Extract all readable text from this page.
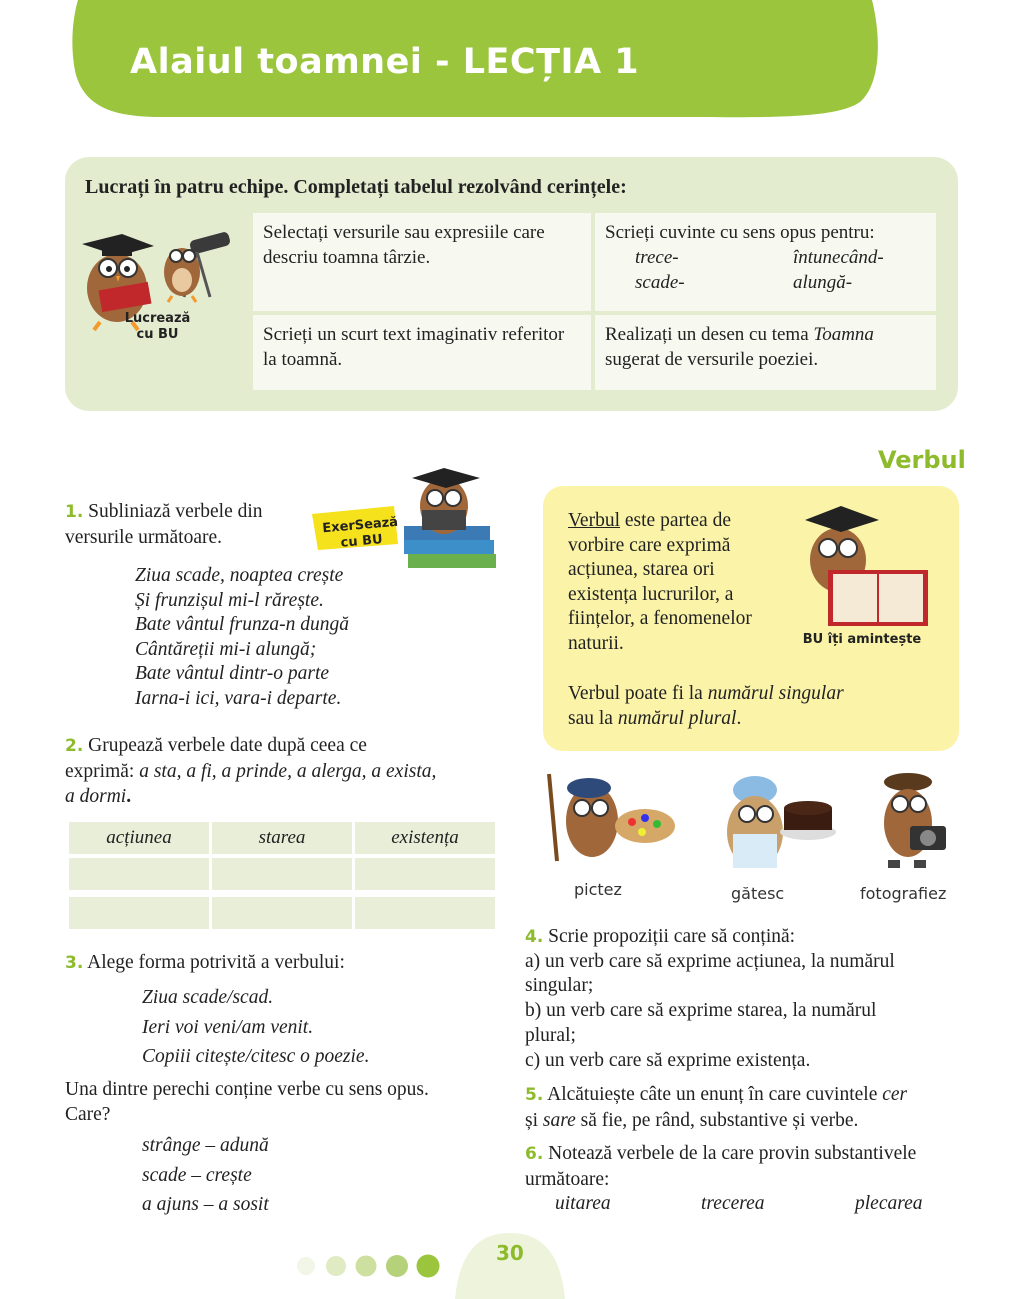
Alaiul toamnei - LECȚIA 1
Lucrați în patru echipe. Completați tabelul rezolvând cerințele:
Lucrează
cu BU
Selectați versurile sau expresiile care descriu toamna târzie.
Scrieți cuvinte cu sens opus pentru:
trece-	întunecând-
scade-	alungă-
Scrieți un scurt text imaginativ referitor la toamnă.
Realizați un desen cu tema Toamna sugerat de versurile poeziei.
Verbul
1. Subliniază verbele din
versurile următoare.
ExerSează
cu BU
Ziua scade, noaptea crește
Și frunzișul mi-l rărește.
Bate vântul frunza-n dungă
Cântăreții mi-i alungă;
Bate vântul dintr-o parte
Iarna-i ici, vara-i departe.
2. Grupează verbele date după ceea ce
exprimă: a sta, a fi, a prinde, a alerga, a exista,
a dormi.
acțiunea	starea	existența
3. Alege forma potrivită a verbului:
Ziua scade/scad.
Ieri voi veni/am venit.
Copiii citește/citesc o poezie.
Una dintre perechi conține verbe cu sens opus.
Care?
strânge – adună
scade – crește
a ajuns – a sosit
Verbul este partea de
vorbire care exprimă
acțiunea, starea ori
existența lucrurilor, a
ființelor, a fenomenelor
naturii.
Verbul poate fi la numărul singular
sau la numărul plural.
BU îți amintește
pictez	gătesc	fotografiez
4. Scrie propoziții care să conțină:
a) un verb care să exprime acțiunea, la numărul
singular;
b) un verb care să exprime starea, la numărul
plural;
c) un verb care să exprime existența.
5. Alcătuiește câte un enunț în care cuvintele cer
și sare să fie, pe rând, substantive și verbe.
6. Notează verbele de la care provin substantivele
următoare:
uitarea	trecerea	plecarea
30
